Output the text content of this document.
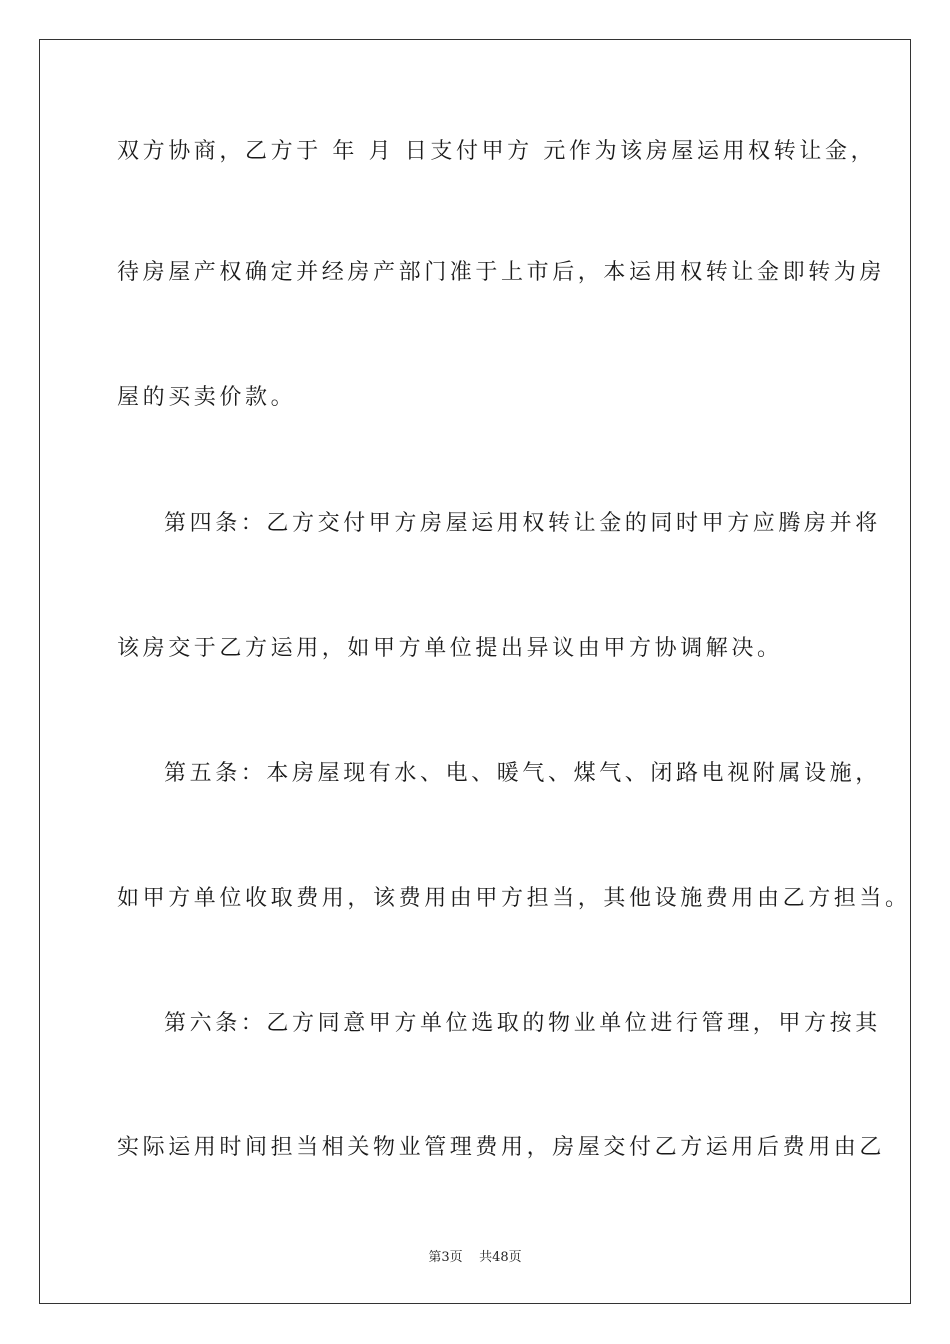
双方协商，乙方于 年 月 日支付甲方 元作为该房屋运用权转让金，
待房屋产权确定并经房产部门准于上市后，本运用权转让金即转为房
屋的买卖价款。
第四条：乙方交付甲方房屋运用权转让金的同时甲方应腾房并将
该房交于乙方运用，如甲方单位提出异议由甲方协调解决。
第五条：本房屋现有水、电、暖气、煤气、闭路电视附属设施，
如甲方单位收取费用，该费用由甲方担当，其他设施费用由乙方担当。
第六条：乙方同意甲方单位选取的物业单位进行管理，甲方按其
实际运用时间担当相关物业管理费用，房屋交付乙方运用后费用由乙
第3页    共48页
